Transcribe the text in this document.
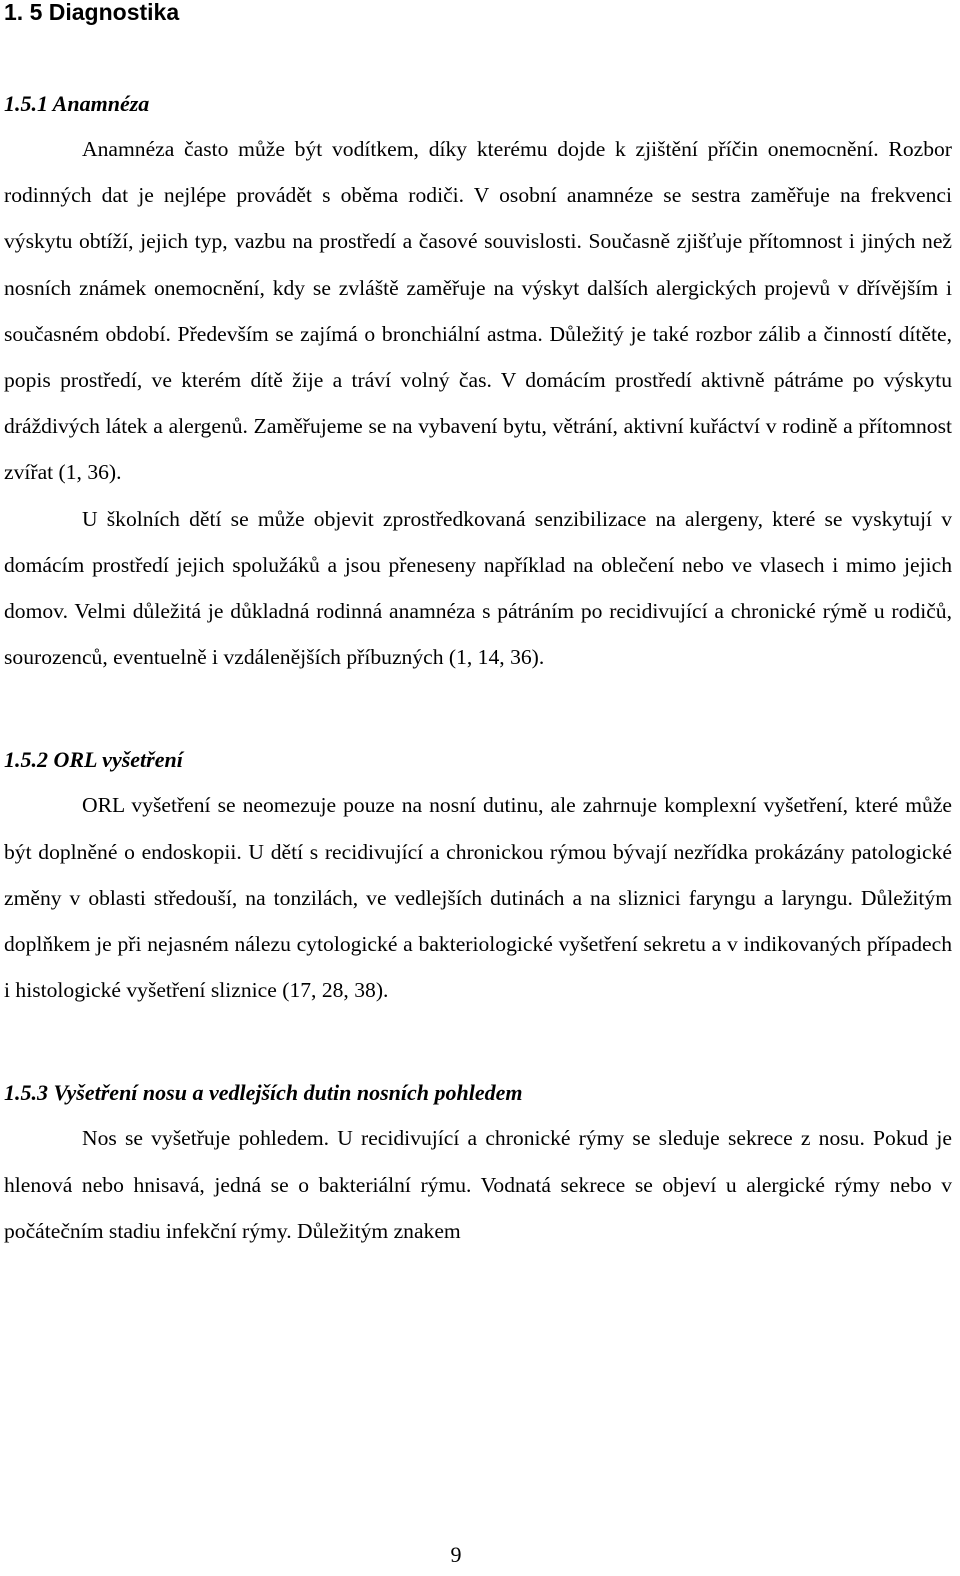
1. 5 Diagnostika
1.5.1 Anamnéza

Anamnéza často může být vodítkem, díky kterému dojde k zjištění příčin onemocnění. Rozbor rodinných dat je nejlépe provádět s oběma rodiči. V osobní anamnéze se sestra zaměřuje na frekvenci výskytu obtíží, jejich typ, vazbu na prostředí a časové souvislosti. Současně zjišťuje přítomnost i jiných než nosních známek onemocnění, kdy se zvláště zaměřuje na výskyt dalších alergických projevů v dřívějším i současném období. Především se zajímá o bronchiální astma. Důležitý je také rozbor zálib a činností dítěte, popis prostředí, ve kterém dítě žije a tráví volný čas. V domácím prostředí aktivně pátráme po výskytu dráždivých látek a alergenů. Zaměřujeme se na vybavení bytu, větrání, aktivní kuřáctví v rodině a přítomnost zvířat (1, 36).

U školních dětí se může objevit zprostředkovaná senzibilizace na alergeny, které se vyskytují v domácím prostředí jejich spolužáků a jsou přeneseny například na oblečení nebo ve vlasech i mimo jejich domov. Velmi důležitá je důkladná rodinná anamnéza s pátráním po recidivující a chronické rýmě u rodičů, sourozenců, eventuelně i vzdálenějších příbuzných (1, 14, 36).

1.5.2 ORL vyšetření

ORL vyšetření se neomezuje pouze na nosní dutinu, ale zahrnuje komplexní vyšetření, které může být doplněné o endoskopii. U dětí s recidivující a chronickou rýmou bývají nezřídka prokázány patologické změny v oblasti středouší, na tonzilách, ve vedlejších dutinách a na sliznici faryngu a laryngu. Důležitým doplňkem je při nejasném nálezu cytologické a bakteriologické vyšetření sekretu a v indikovaných případech i histologické vyšetření sliznice (17, 28, 38).

1.5.3 Vyšetření nosu a vedlejších dutin nosních pohledem

Nos se vyšetřuje pohledem. U recidivující a chronické rýmy se sleduje sekrece z nosu. Pokud je hlenová nebo hnisavá, jedná se o bakteriální rýmu. Vodnatá sekrece se objeví u alergické rýmy nebo v počátečním stadiu infekční rýmy. Důležitým znakem

9
